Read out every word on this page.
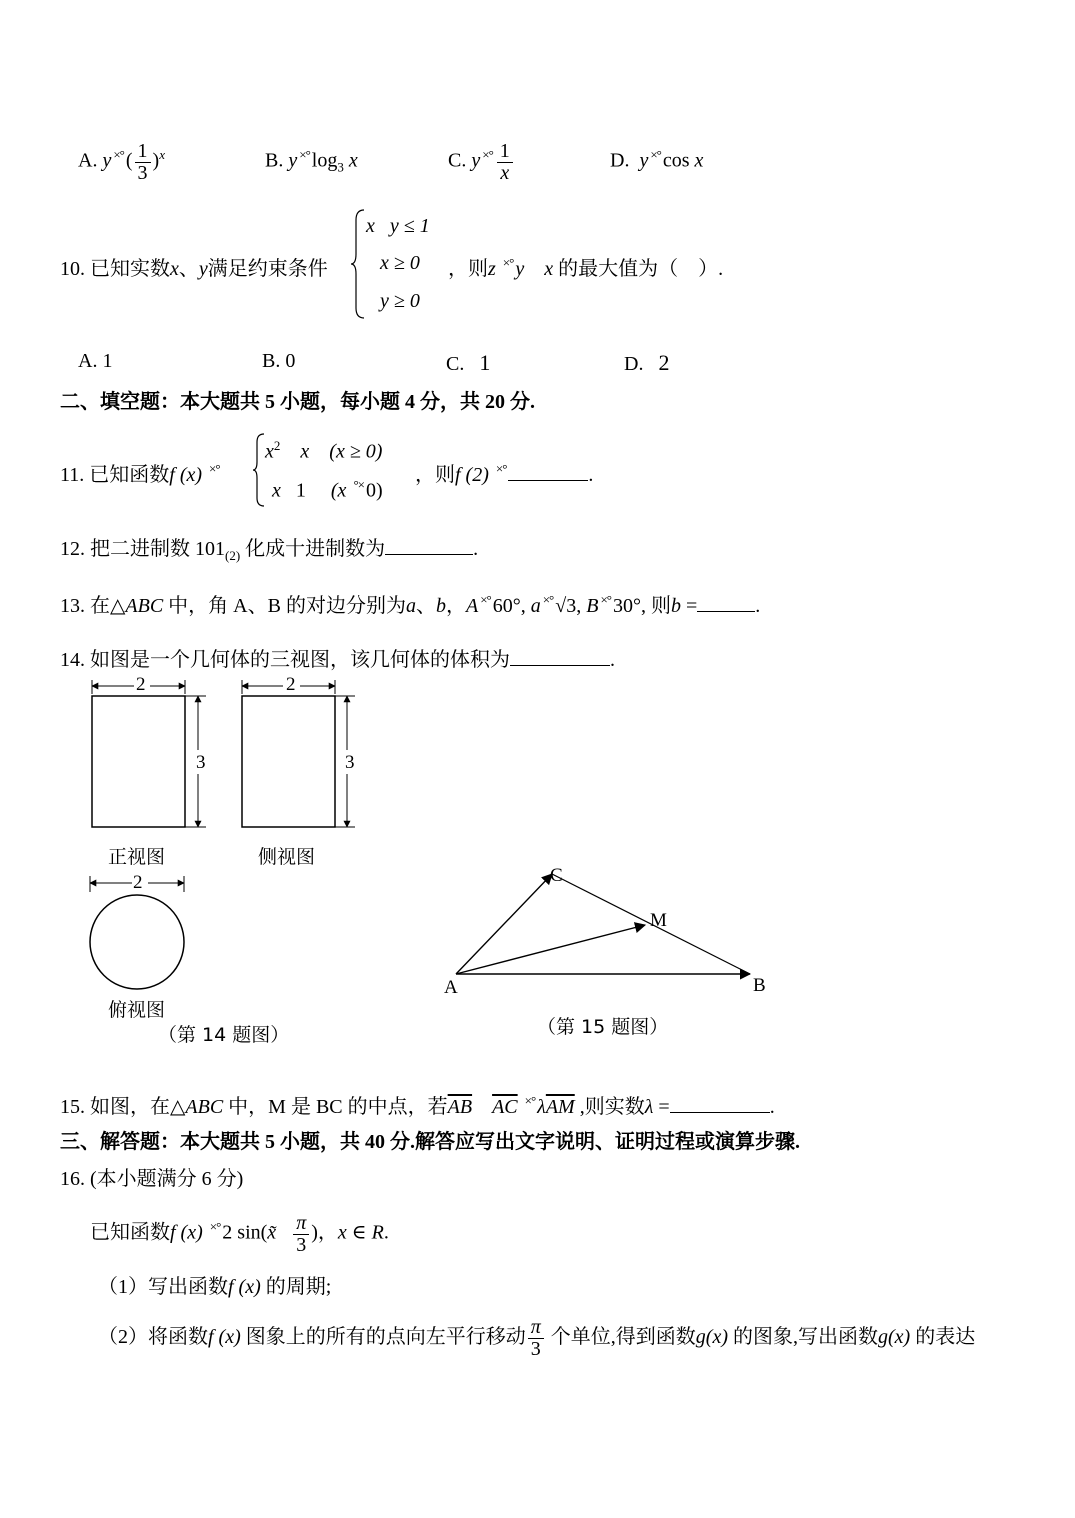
A. y ×° ( $\frac{1}{3} )^x$	B. y ×° $\log_3 x$	C. y $^{\times^\circ} \frac{1}{x}$	D. y ×° cos x
10. 已知实数x、y满足约束条件
x y ≤ 1
x ≥ 0
y ≥ 0
，则z ×° y x 的最大值为（　）.
A. 1	B. 0	C. 1	D. 2
二、填空题：本大题共 5 小题，每小题 4 分，共 20 分.
11. 已知函数f (x) ×°
$x^2$ x (x ≥ 0)
x 1 (x °× 0)
，则f (2) ×°	.
12. 把二进制数 $101_{(2)}$ 化成十进制数为	.
13. 在△ABC 中，角 A、B 的对边分别为a、b，A ×° 60°, a ×° √3, B ×° 30°, 则b =	.
14. 如图是一个几何体的三视图，该几何体的体积为	.
2
3
2
3
2
正视图	侧视图
俯视图
（第 14 题图）
A	B
C
M
（第 15 题图）
15. 如图，在△ABC 中，M 是 BC 的中点，若$\overline{AB}$ $\overline{AC}$ ×° $\lambda\overline{AM}$ ,则实数λ =	.
三、解答题：本大题共 5 小题，共 40 分.解答应写出文字说明、证明过程或演算步骤.
16. (本小题满分 6 分)
已知函数f (x) ×° 2 sin(x̃ $\frac{\pi}{3}$ )，x ∈ R.
（1）写出函数f (x) 的周期;
（2）将函数f (x) 图象上的所有的点向左平行移动 $\frac{\pi}{3}$ 个单位,得到函数g(x) 的图象,写出函数g(x) 的表达
